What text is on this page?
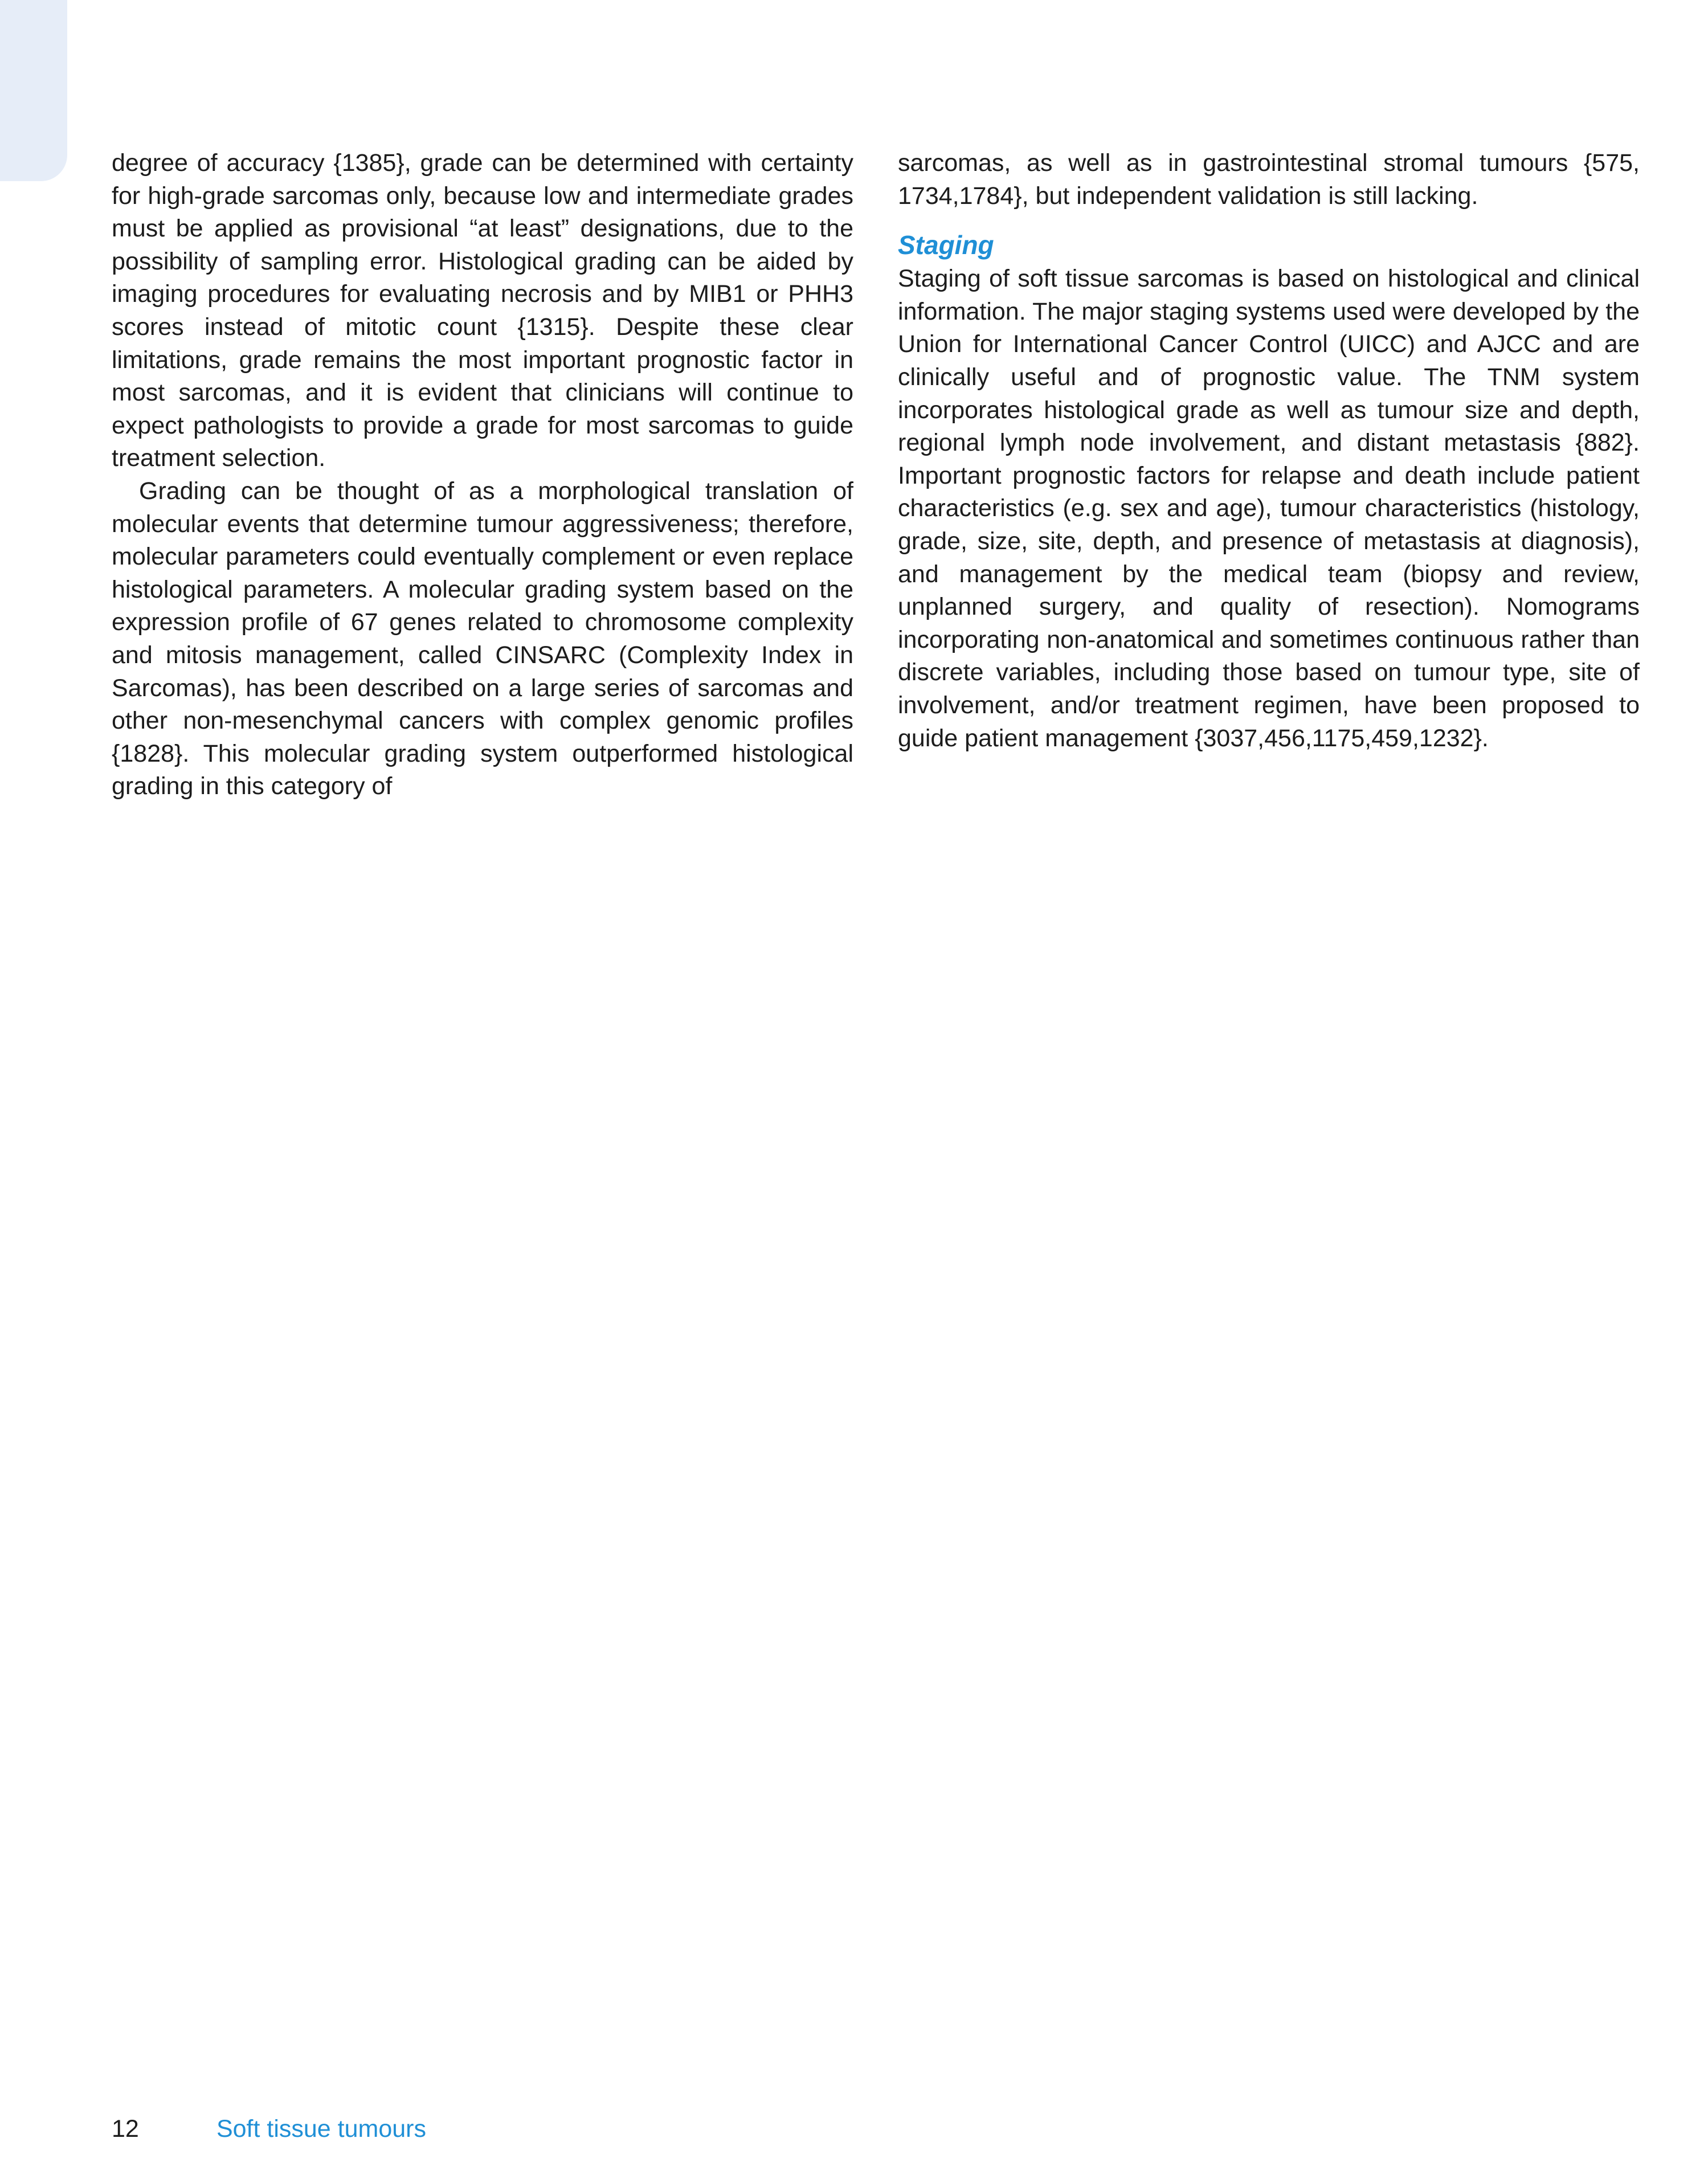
degree of accuracy {1385}, grade can be determined with certainty for high-grade sarcomas only, because low and intermediate grades must be applied as provisional “at least” designations, due to the possibility of sampling error. Histological grading can be aided by imaging procedures for evaluating necrosis and by MIB1 or PHH3 scores instead of mitotic count {1315}. Despite these clear limitations, grade remains the most important prognostic factor in most sarcomas, and it is evident that clinicians will continue to expect pathologists to provide a grade for most sarcomas to guide treatment selection.

Grading can be thought of as a morphological translation of molecular events that determine tumour aggressiveness; therefore, molecular parameters could eventually complement or even replace histological parameters. A molecular grading system based on the expression profile of 67 genes related to chromosome complexity and mitosis management, called CINSARC (Complexity Index in Sarcomas), has been described on a large series of sarcomas and other non-mesenchymal cancers with complex genomic profiles {1828}. This molecular grading system outperformed histological grading in this category of

sarcomas, as well as in gastrointestinal stromal tumours {575, 1734,1784}, but independent validation is still lacking.

Staging

Staging of soft tissue sarcomas is based on histological and clinical information. The major staging systems used were developed by the Union for International Cancer Control (UICC) and AJCC and are clinically useful and of prognostic value. The TNM system incorporates histological grade as well as tumour size and depth, regional lymph node involvement, and distant metastasis {882}. Important prognostic factors for relapse and death include patient characteristics (e.g. sex and age), tumour characteristics (histology, grade, size, site, depth, and presence of metastasis at diagnosis), and management by the medical team (biopsy and review, unplanned surgery, and quality of resection). Nomograms incorporating non-anatomical and sometimes continuous rather than discrete variables, including those based on tumour type, site of involvement, and/or treatment regimen, have been proposed to guide patient management {3037,456,1175,459,1232}.

12	Soft tissue tumours
